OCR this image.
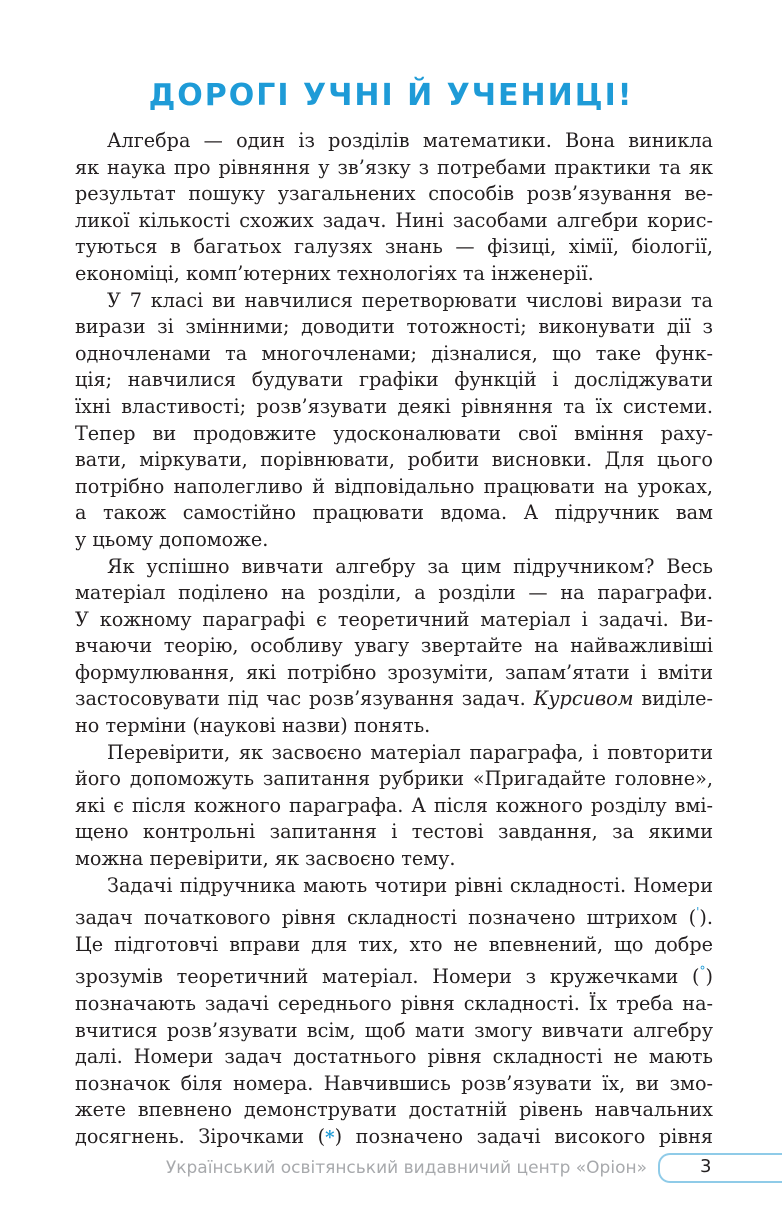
ДОРОГІ УЧНІ Й УЧЕНИЦІ!

Алгебра — один із розділів математики. Вона виникла
як наука про рівняння у зв’язку з потребами практики та як
результат пошуку узагальнених способів розв’язування ве-
ликої кількості схожих задач. Нині засобами алгебри корис-
туються в багатьох галузях знань — фізиці, хімії, біології,
економіці, комп’ютерних технологіях та інженерії.

У 7 класі ви навчилися перетворювати числові вирази та
вирази зі змінними; доводити тотожності; виконувати дії з
одночленами та многочленами; дізналися, що таке функ-
ція; навчилися будувати графіки функцій і досліджувати
їхні властивості; розв’язувати деякі рівняння та їх системи.
Тепер ви продовжите удосконалювати свої вміння раху-
вати, міркувати, порівнювати, робити висновки. Для цього
потрібно наполегливо й відповідально працювати на уроках,
а також самостійно працювати вдома. А підручник вам
у цьому допоможе.

Як успішно вивчати алгебру за цим підручником? Весь
матеріал поділено на розділи, а розділи — на параграфи.
У кожному параграфі є теоретичний матеріал і задачі. Ви-
вчаючи теорію, особливу увагу звертайте на найважливіші
формулювання, які потрібно зрозуміти, запам’ятати і вміти
застосовувати під час розв’язування задач. Курсивом виділе-
но терміни (наукові назви) понять.

Перевірити, як засвоєно матеріал параграфа, і повторити
його допоможуть запитання рубрики «Пригадайте головне»,
які є після кожного параграфа. А після кожного розділу вмі-
щено контрольні запитання і тестові завдання, за якими
можна перевірити, як засвоєно тему.

Задачі підручника мають чотири рівні складності. Номери
задач початкового рівня складності позначено штрихом (').
Це підготовчі вправи для тих, хто не впевнений, що добре
зрозумів теоретичний матеріал. Номери з кружечками (°)
позначають задачі середнього рівня складності. Їх треба на-
вчитися розв’язувати всім, щоб мати змогу вивчати алгебру
далі. Номери задач достатнього рівня складності не мають
позначок біля номера. Навчившись розв’язувати їх, ви змо-
жете впевнено демонструвати достатній рівень навчальних
досягнень. Зірочками (*) позначено задачі високого рівня

Український освітянський видавничий центр «Оріон»	3
